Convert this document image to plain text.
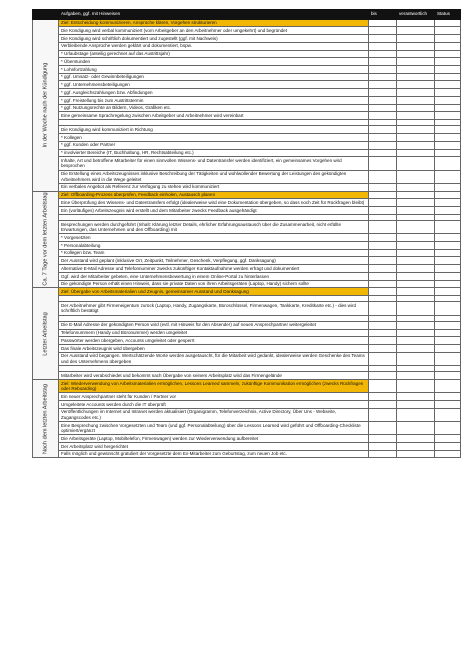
	Aufgaben, ggf. mit Hinweisen	bis	verantwortlich	Status

In der Woche nach der Kündigung	Ziel: Entscheidung kommunizieren, Ansprüche klären, Vorgehen strukturieren			
	Die Kündigung wird verbal kommuniziert (vom Arbeitgeber an den Arbeitnehmer oder umgekehrt) und begründet			
	Die Kündigung wird schriftlich dokumentiert und zugestellt (ggf. mit Nachweis)			
	Verbleibende Ansprüche werden geklärt und dokumentiert, bspw.			
	* Urlaubstage (anteilig gerechnet auf das Austrittsjahr)			
	* Überstunden			
	* Lohnfortzahlung			
	* ggf. Umsatz- oder Gewinnbeteiligungen			
	* ggf. Unternehmensbeteiligungen			
	* ggf. Ausgleichszahlungen bzw. Abfindungen			
	* ggf. Freistellung bis zum Austrittstermin			
	* ggf. Nutzungsrechte an Bildern, Videos, Grafiken etc.			
	Eine gemeinsame Sprachregelung zwischen Arbeitgeber und Arbeitnehmer wird vereinbart			

	Die Kündigung wird kommuniziert in Richtung			
	* Kollegen			
	* ggf. Kunden oder Partner			
	* involvierter Bereiche (IT, Buchhaltung, HR, Rechtsabteilung etc.)			
	Inhalte, Art und betroffene Mitarbeiter für einen sinnvollen Wissens- und Datentransfer werden identifiziert, ein gemeinsames Vorgehen wird besprochen			
	Die Erstellung eines Arbeitszeugnisses inklusive Beschreibung der Tätigkeiten und wohlwollender Bewertung der Leistungen des gekündigten Arbeitnehmers wird in die Wege geleitet			
	Ein verbales Angebot als Referenz zur Verfügung zu stehen wird kommuniziert			

Ca. 7 Tage vor dem letzten Arbeitstag	Ziel: Offboarding-Prozess überprüfen, Feedback einholen, Austausch planen			
	Eine Überprüfung des Wissens- und Datentransfers erfolgt (idealerweise wird eine Dokumentation übergeben, so dass noch Zeit für Rückfragen bleibt)			
	Ein (vorläufiges) Arbeitszeugnis wird erstellt und dem Mitarbeiter zwecks Feedback ausgehändigt			

	Besprechungen werden durchgeführt (Inhalt: Klärung letzter Details, ehrlicher Erfahrungsaustausch über die Zusammenarbeit, nicht erfüllte Erwartungen, das Unternehmen und den Offboarding) mit			
	* Vorgesetzten			
	* Personalabteilung			
	* Kollegen bzw. Team			
	Der Ausstand wird geplant (inklusive Ort, Zeitpunkt, Teilnehmer, Geschenk, Verpflegung, ggf. Danksagung)			
	Alternative E-Mail Adresse und Telefonnummer zwecks zukünftiger Kontaktaufnahme werden erfragt und dokumentiert			
	Ggf. wird der Mitarbeiter gebeten, eine Unternehmensbewertung in einem Online-Portal zu hinterlassen			
	Die gekündigte Person erhält einen Hinweis, dass sie private Daten von ihren Arbeitsgeräten (Laptop, Handy) sichern sollte			

Letzter Arbeitstag	Ziel: Übergabe von Arbeitsmaterialien und Zeugnis, gemeinsamer Ausstand und Danksagung			

	Der Arbeitnehmer gibt Firmeneigentum zurück (Laptop, Handy, Zugangskarte, Büroschlüssel, Firmenwagen, Tankkarte, Kreditkarte etc.) - dies wird schriftlich bestätigt			

	Die E-Mail Adresse der gekündigten Person wird (evtl. mit Hinweis für den Absender) auf neuen Ansprechpartner weitergeleitet			
	Telefonnummern (Handy und Büronummer) werden umgeleitet			
	Passwörter werden übergeben, Accounts umgeleitet oder gesperrt			
	Das finale Arbeitszeugnis wird übergeben			
	Der Ausstand wird begangen. Wertschätzende Worte werden ausgetauscht, für die Mitarbeit wird gedankt, idealerweise werden Geschenke des Teams und des Unternehmens übergeben			

	Mitarbeiter wird verabschiedet und bekommt nach Übergabe von seinem Arbeitsplatz wird das Firmengelände			

Nach dem letzten Arbeitstag	Ziel: Wiederverwendung von Arbeitsmaterialien ermöglichen, Lessons Learned sammeln, zukünftige Kommunikation ermöglichen (zwecks Rückfragen oder Reboarding)			
	Ein neuer Ansprechpartner steht für Kunden / Partner vor			
	Umgeleitete Accounts werden durch die IT überprüft			
	Veröffentlichungen im Internet und Intranet werden aktualisiert (Organigramm, Telefonverzeichnis, Active Directory, Über Uns - Webseite, Zugangscodes etc.)			
	Eine Besprechung zwischen Vorgesetzten und Team (und ggf. Personalabteilung) über die Lessons Learned wird geführt und Offboarding-Checkliste optimiert/ergänzt			
	Die Arbeitsgeräte (Laptop, Mobiltelefon, Firmenwagen) werden zur Wiederverwendung aufbereitet			
	Der Arbeitsplatz wird hergerichtet			
	Falls möglich und gewünscht gratuliert der Vorgesetzte dem Ex-Mitarbeiter zum Geburtstag, zum neuen Job etc.			
